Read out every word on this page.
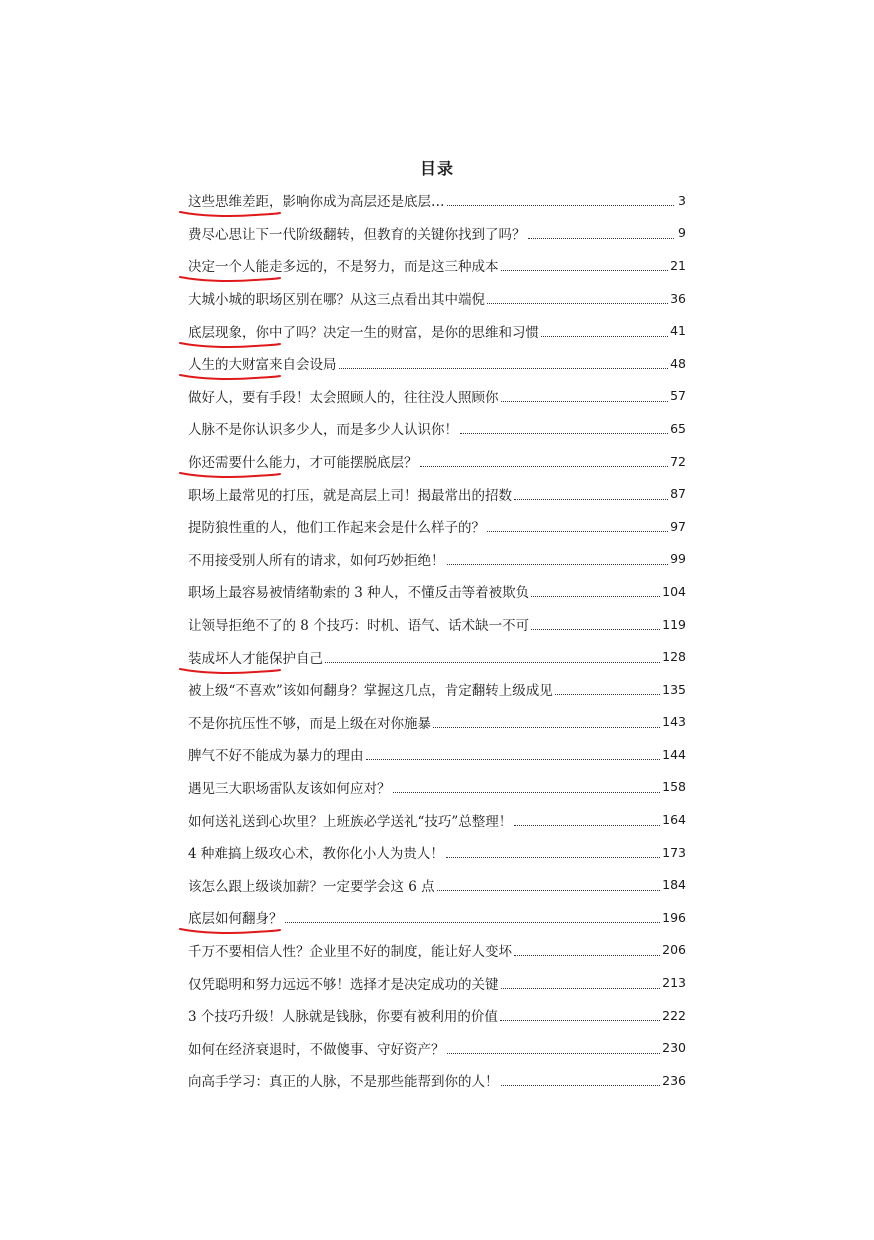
目录
这些思维差距，影响你成为高层还是底层…	3
费尽心思让下一代阶级翻转，但教育的关键你找到了吗？	9
决定一个人能走多远的，不是努力，而是这三种成本	21
大城小城的职场区别在哪？从这三点看出其中端倪	36
底层现象，你中了吗？决定一生的财富，是你的思维和习惯	41
人生的大财富来自会设局	48
做好人，要有手段！太会照顾人的，往往没人照顾你	57
人脉不是你认识多少人，而是多少人认识你！	65
你还需要什么能力，才可能摆脱底层？	72
职场上最常见的打压，就是高层上司！揭最常出的招数	87
提防狼性重的人，他们工作起来会是什么样子的？	97
不用接受别人所有的请求，如何巧妙拒绝！	99
职场上最容易被情绪勒索的 3 种人，不懂反击等着被欺负	104
让领导拒绝不了的 8 个技巧：时机、语气、话术缺一不可	119
装成坏人才能保护自己	128
被上级“不喜欢”该如何翻身？掌握这几点，肯定翻转上级成见	135
不是你抗压性不够，而是上级在对你施暴	143
脾气不好不能成为暴力的理由	144
遇见三大职场雷队友该如何应对？	158
如何送礼送到心坎里？上班族必学送礼“技巧”总整理！	164
4 种难搞上级攻心术，教你化小人为贵人！	173
该怎么跟上级谈加薪？一定要学会这 6 点	184
底层如何翻身？	196
千万不要相信人性？企业里不好的制度，能让好人变坏	206
仅凭聪明和努力远远不够！选择才是决定成功的关键	213
3 个技巧升级！人脉就是钱脉，你要有被利用的价值	222
如何在经济衰退时，不做傻事、守好资产？	230
向高手学习：真正的人脉，不是那些能帮到你的人！	236
